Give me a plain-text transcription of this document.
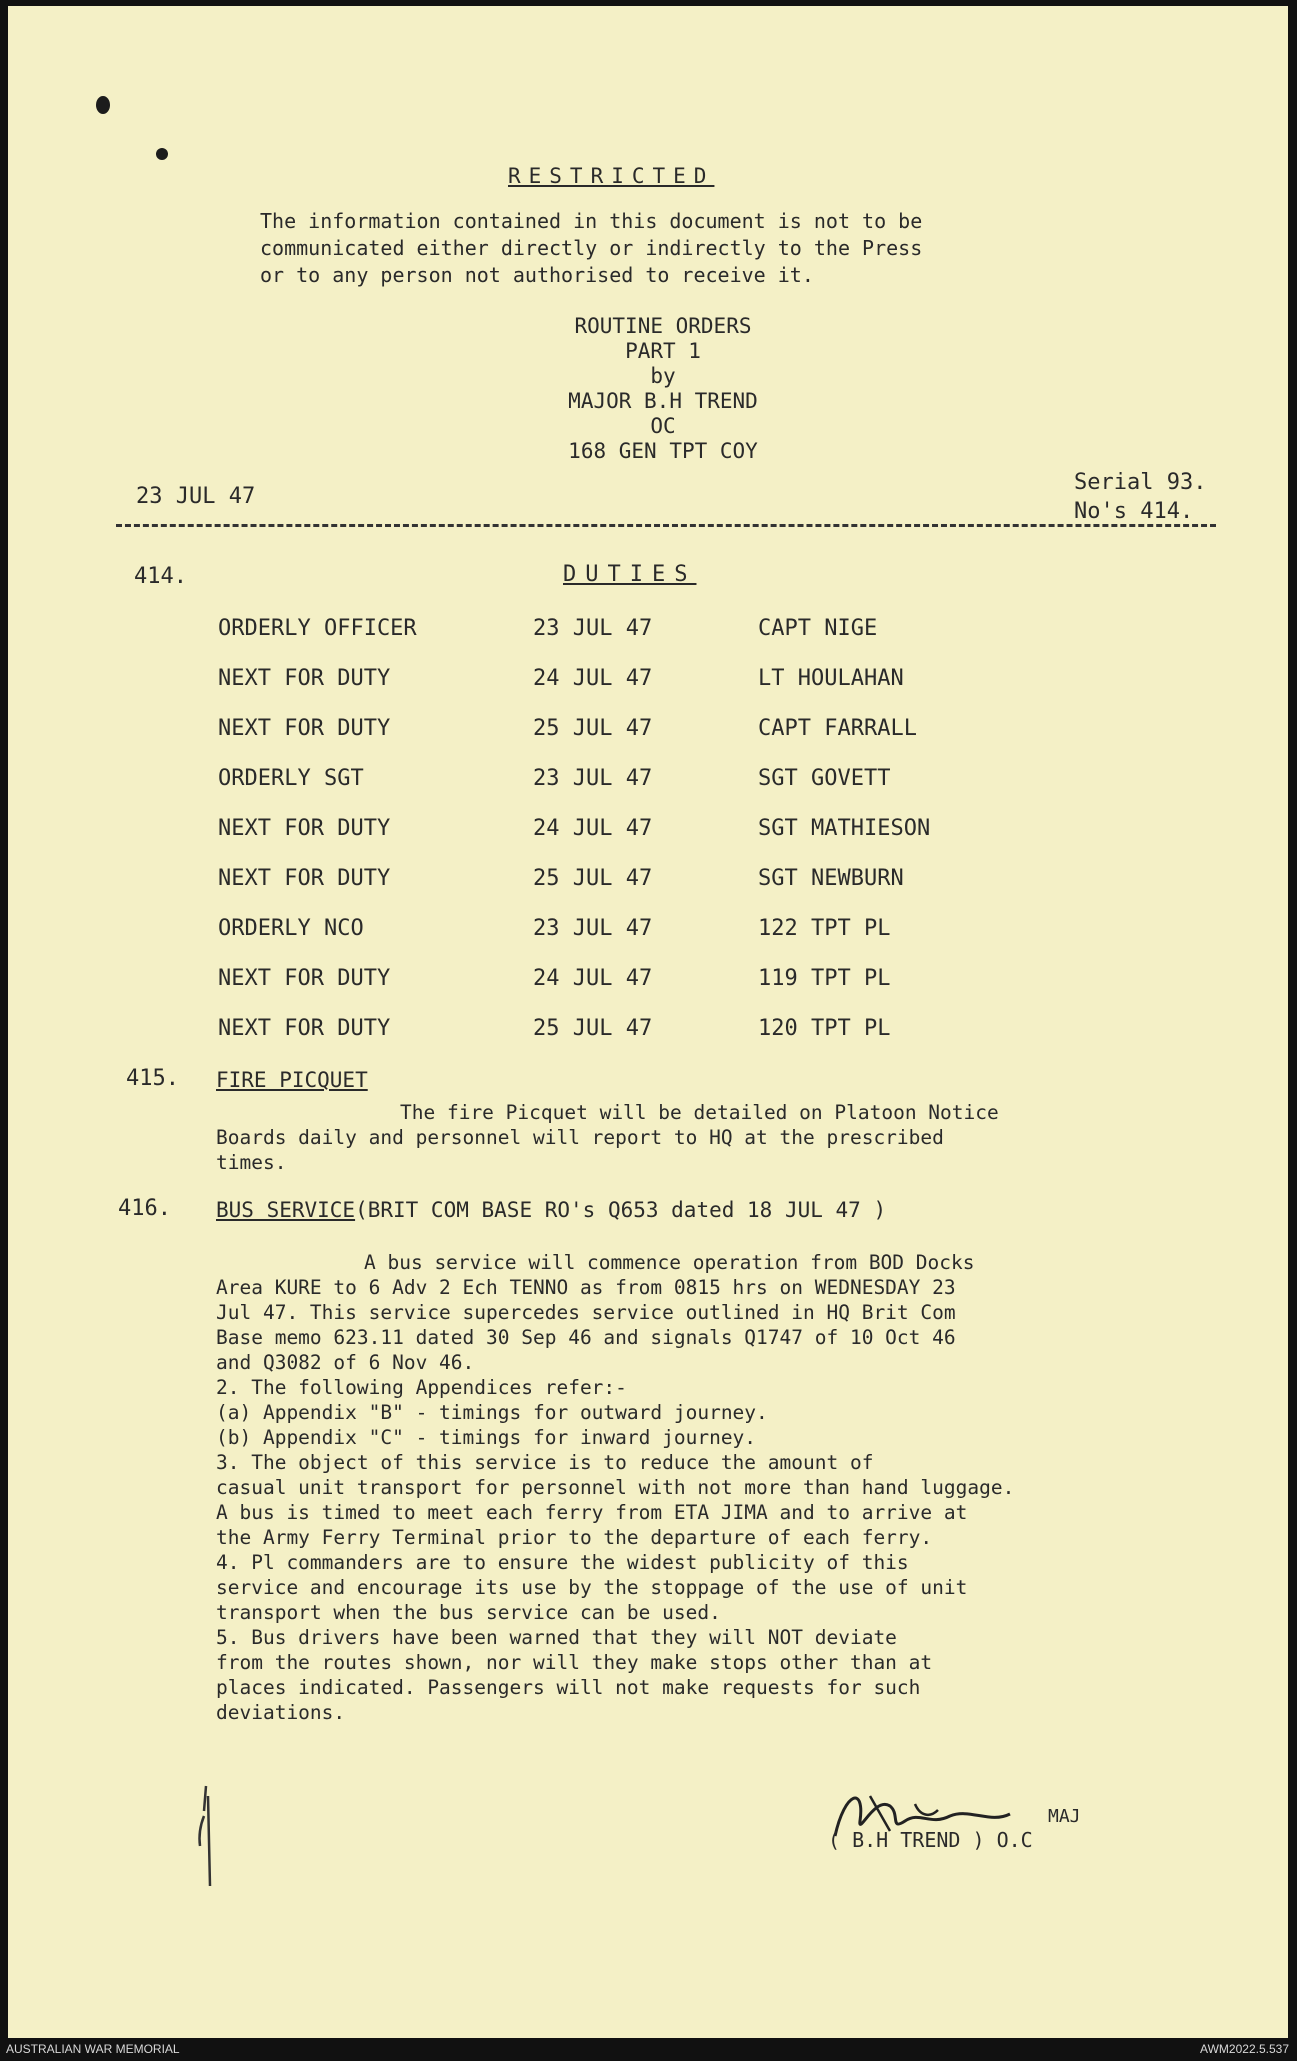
RESTRICTED
The information contained in this document is not to be
communicated either directly or indirectly to the Press
or to any person not authorised to receive it.
ROUTINE ORDERS
PART 1
by
MAJOR B.H TREND
OC
168 GEN TPT COY
23 JUL 47
Serial 93.
No's 414.
414.	DUTIES
ORDERLY OFFICER	23 JUL 47	CAPT NIGE
NEXT FOR DUTY	24 JUL 47	LT HOULAHAN
NEXT FOR DUTY	25 JUL 47	CAPT FARRALL
ORDERLY SGT	23 JUL 47	SGT GOVETT
NEXT FOR DUTY	24 JUL 47	SGT MATHIESON
NEXT FOR DUTY	25 JUL 47	SGT NEWBURN
ORDERLY NCO	23 JUL 47	122 TPT PL
NEXT FOR DUTY	24 JUL 47	119 TPT PL
NEXT FOR DUTY	25 JUL 47	120 TPT PL
415. FIRE PICQUET
The fire Picquet will be detailed on Platoon Notice
Boards daily and personnel will report to HQ at the prescribed
times.
416. BUS SERVICE(BRIT COM BASE RO's Q653 dated 18 JUL 47 )
A bus service will commence operation from BOD Docks
Area KURE to 6 Adv 2 Ech TENNO as from 0815 hrs on WEDNESDAY 23
Jul 47. This service supercedes service outlined in HQ Brit Com
Base memo 623.11 dated 30 Sep 46 and signals Q1747 of 10 Oct 46
and Q3082 of 6 Nov 46.
2. The following Appendices refer:-
(a) Appendix "B" - timings for outward journey.
(b) Appendix "C" - timings for inward journey.
3. The object of this service is to reduce the amount of
casual unit transport for personnel with not more than hand luggage.
A bus is timed to meet each ferry from ETA JIMA and to arrive at
the Army Ferry Terminal prior to the departure of each ferry.
4. Pl commanders are to ensure the widest publicity of this
service and encourage its use by the stoppage of the use of unit
transport when the bus service can be used.
5. Bus drivers have been warned that they will NOT deviate
from the routes shown, nor will they make stops other than at
places indicated. Passengers will not make requests for such
deviations.
MAJ
( B.H TREND ) O.C
AUSTRALIAN WAR MEMORIAL	AWM2022.5.537
